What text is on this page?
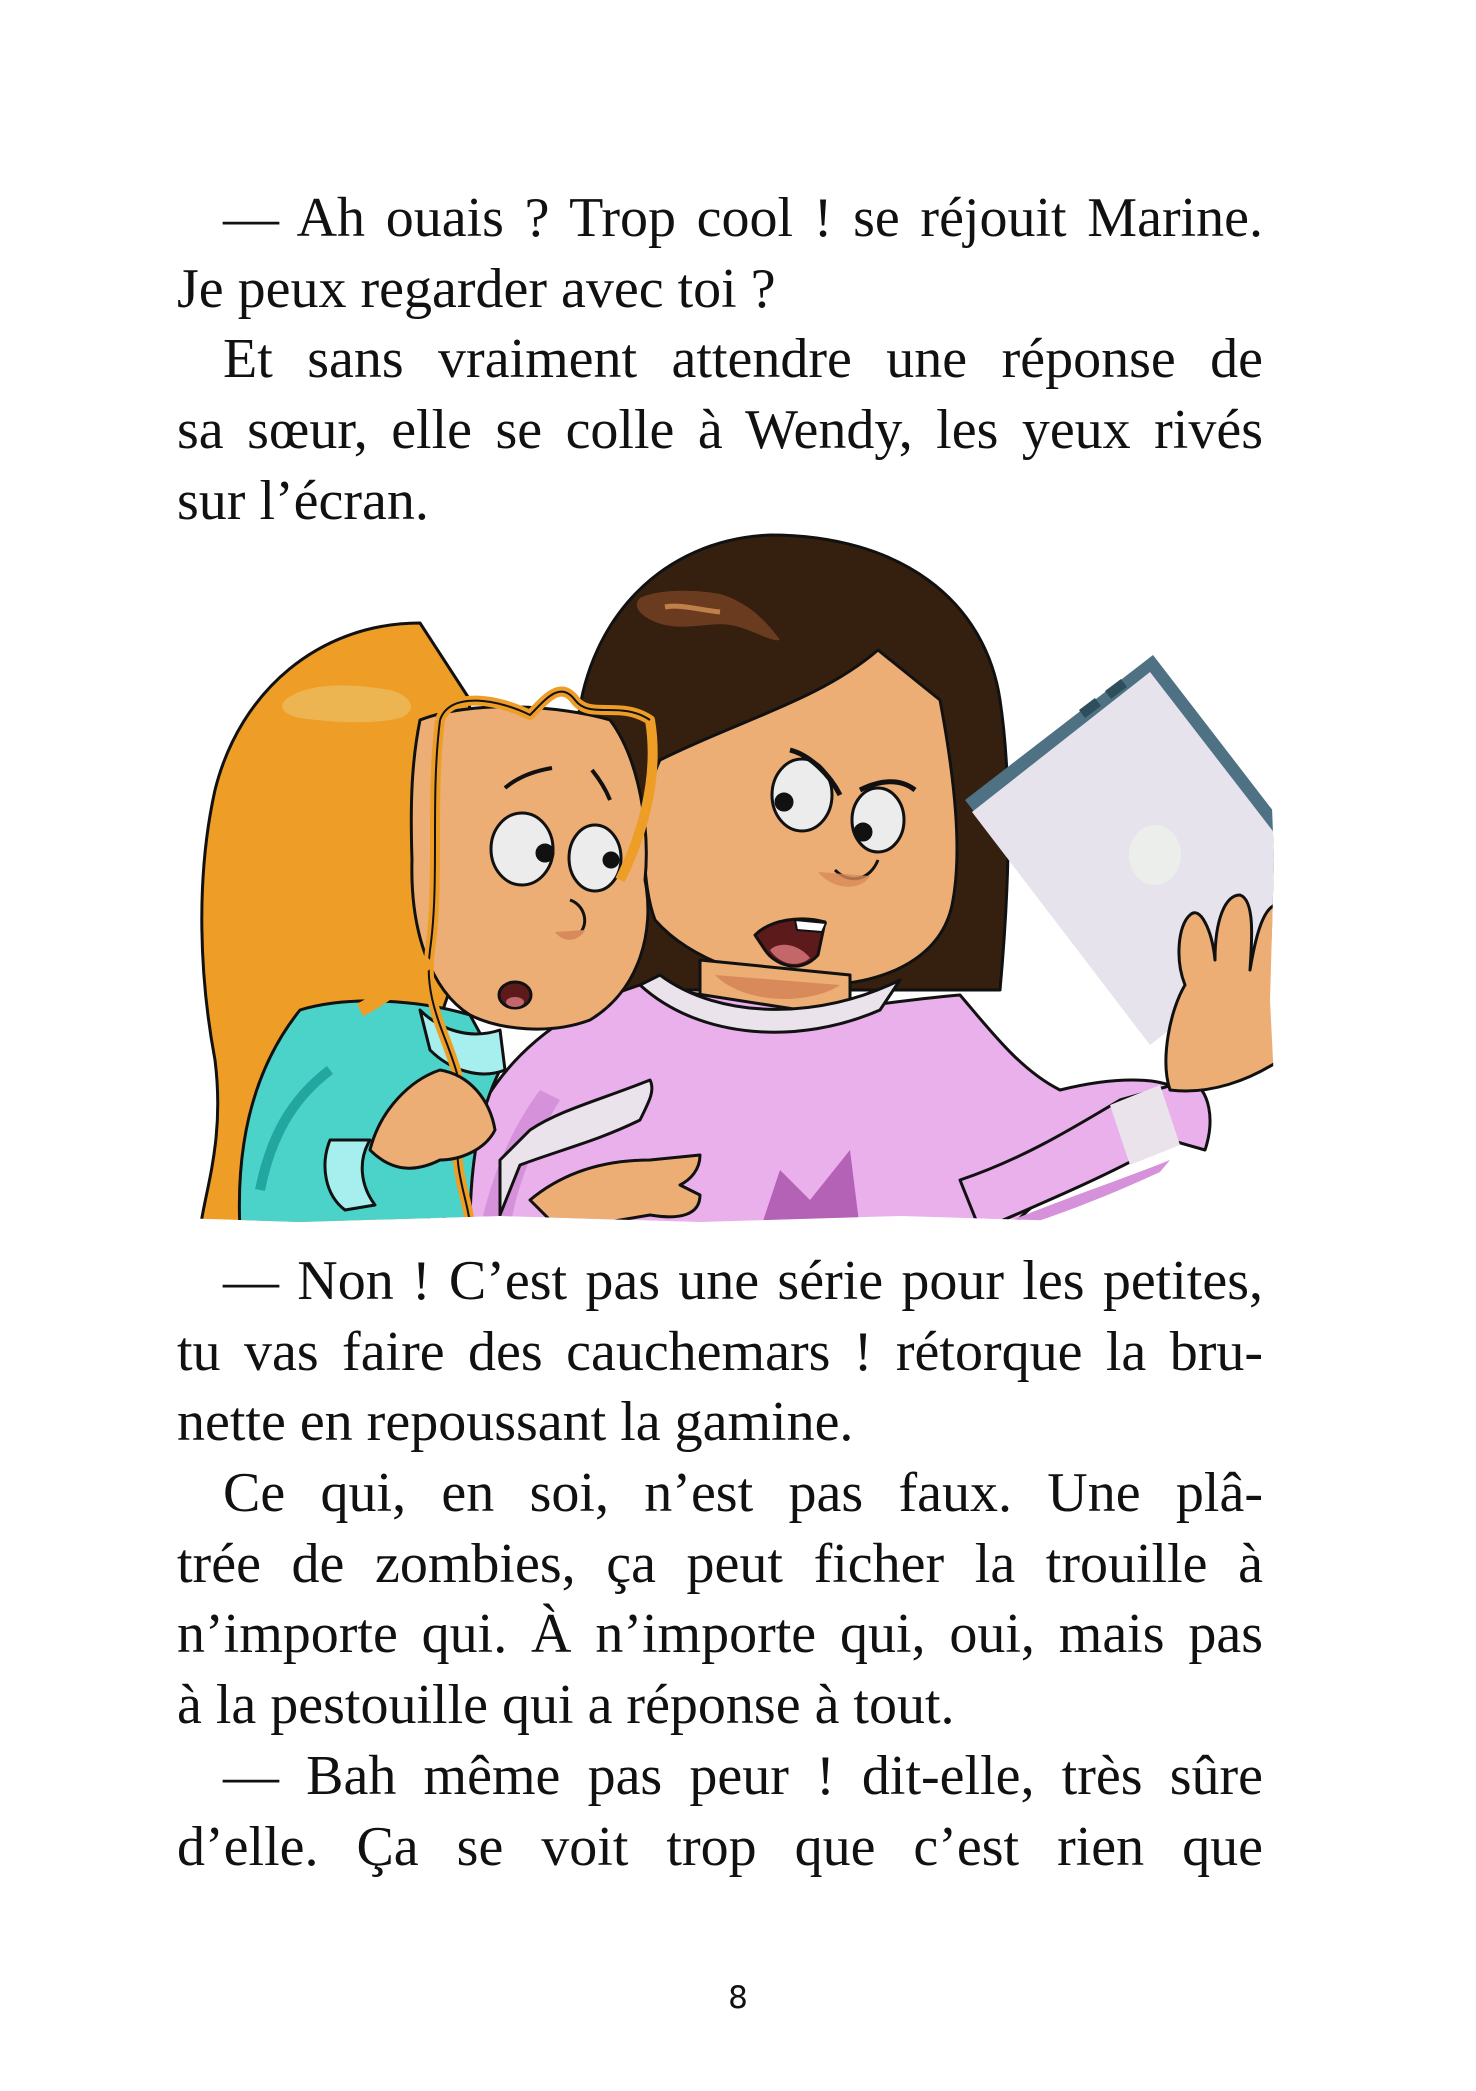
— Ah ouais ? Trop cool ! se réjouit Marine.
Je peux regarder avec toi ?
Et sans vraiment attendre une réponse de
sa sœur, elle se colle à Wendy, les yeux rivés
sur l’écran.
— Non ! C’est pas une série pour les petites,
tu vas faire des cauchemars ! rétorque la bru-
nette en repoussant la gamine.
Ce qui, en soi, n’est pas faux. Une plâ-
trée de zombies, ça peut ficher la trouille à
n’importe qui. À n’importe qui, oui, mais pas
à la pestouille qui a réponse à tout.
— Bah même pas peur ! dit-elle, très sûre
d’elle. Ça se voit trop que c’est rien que
8
